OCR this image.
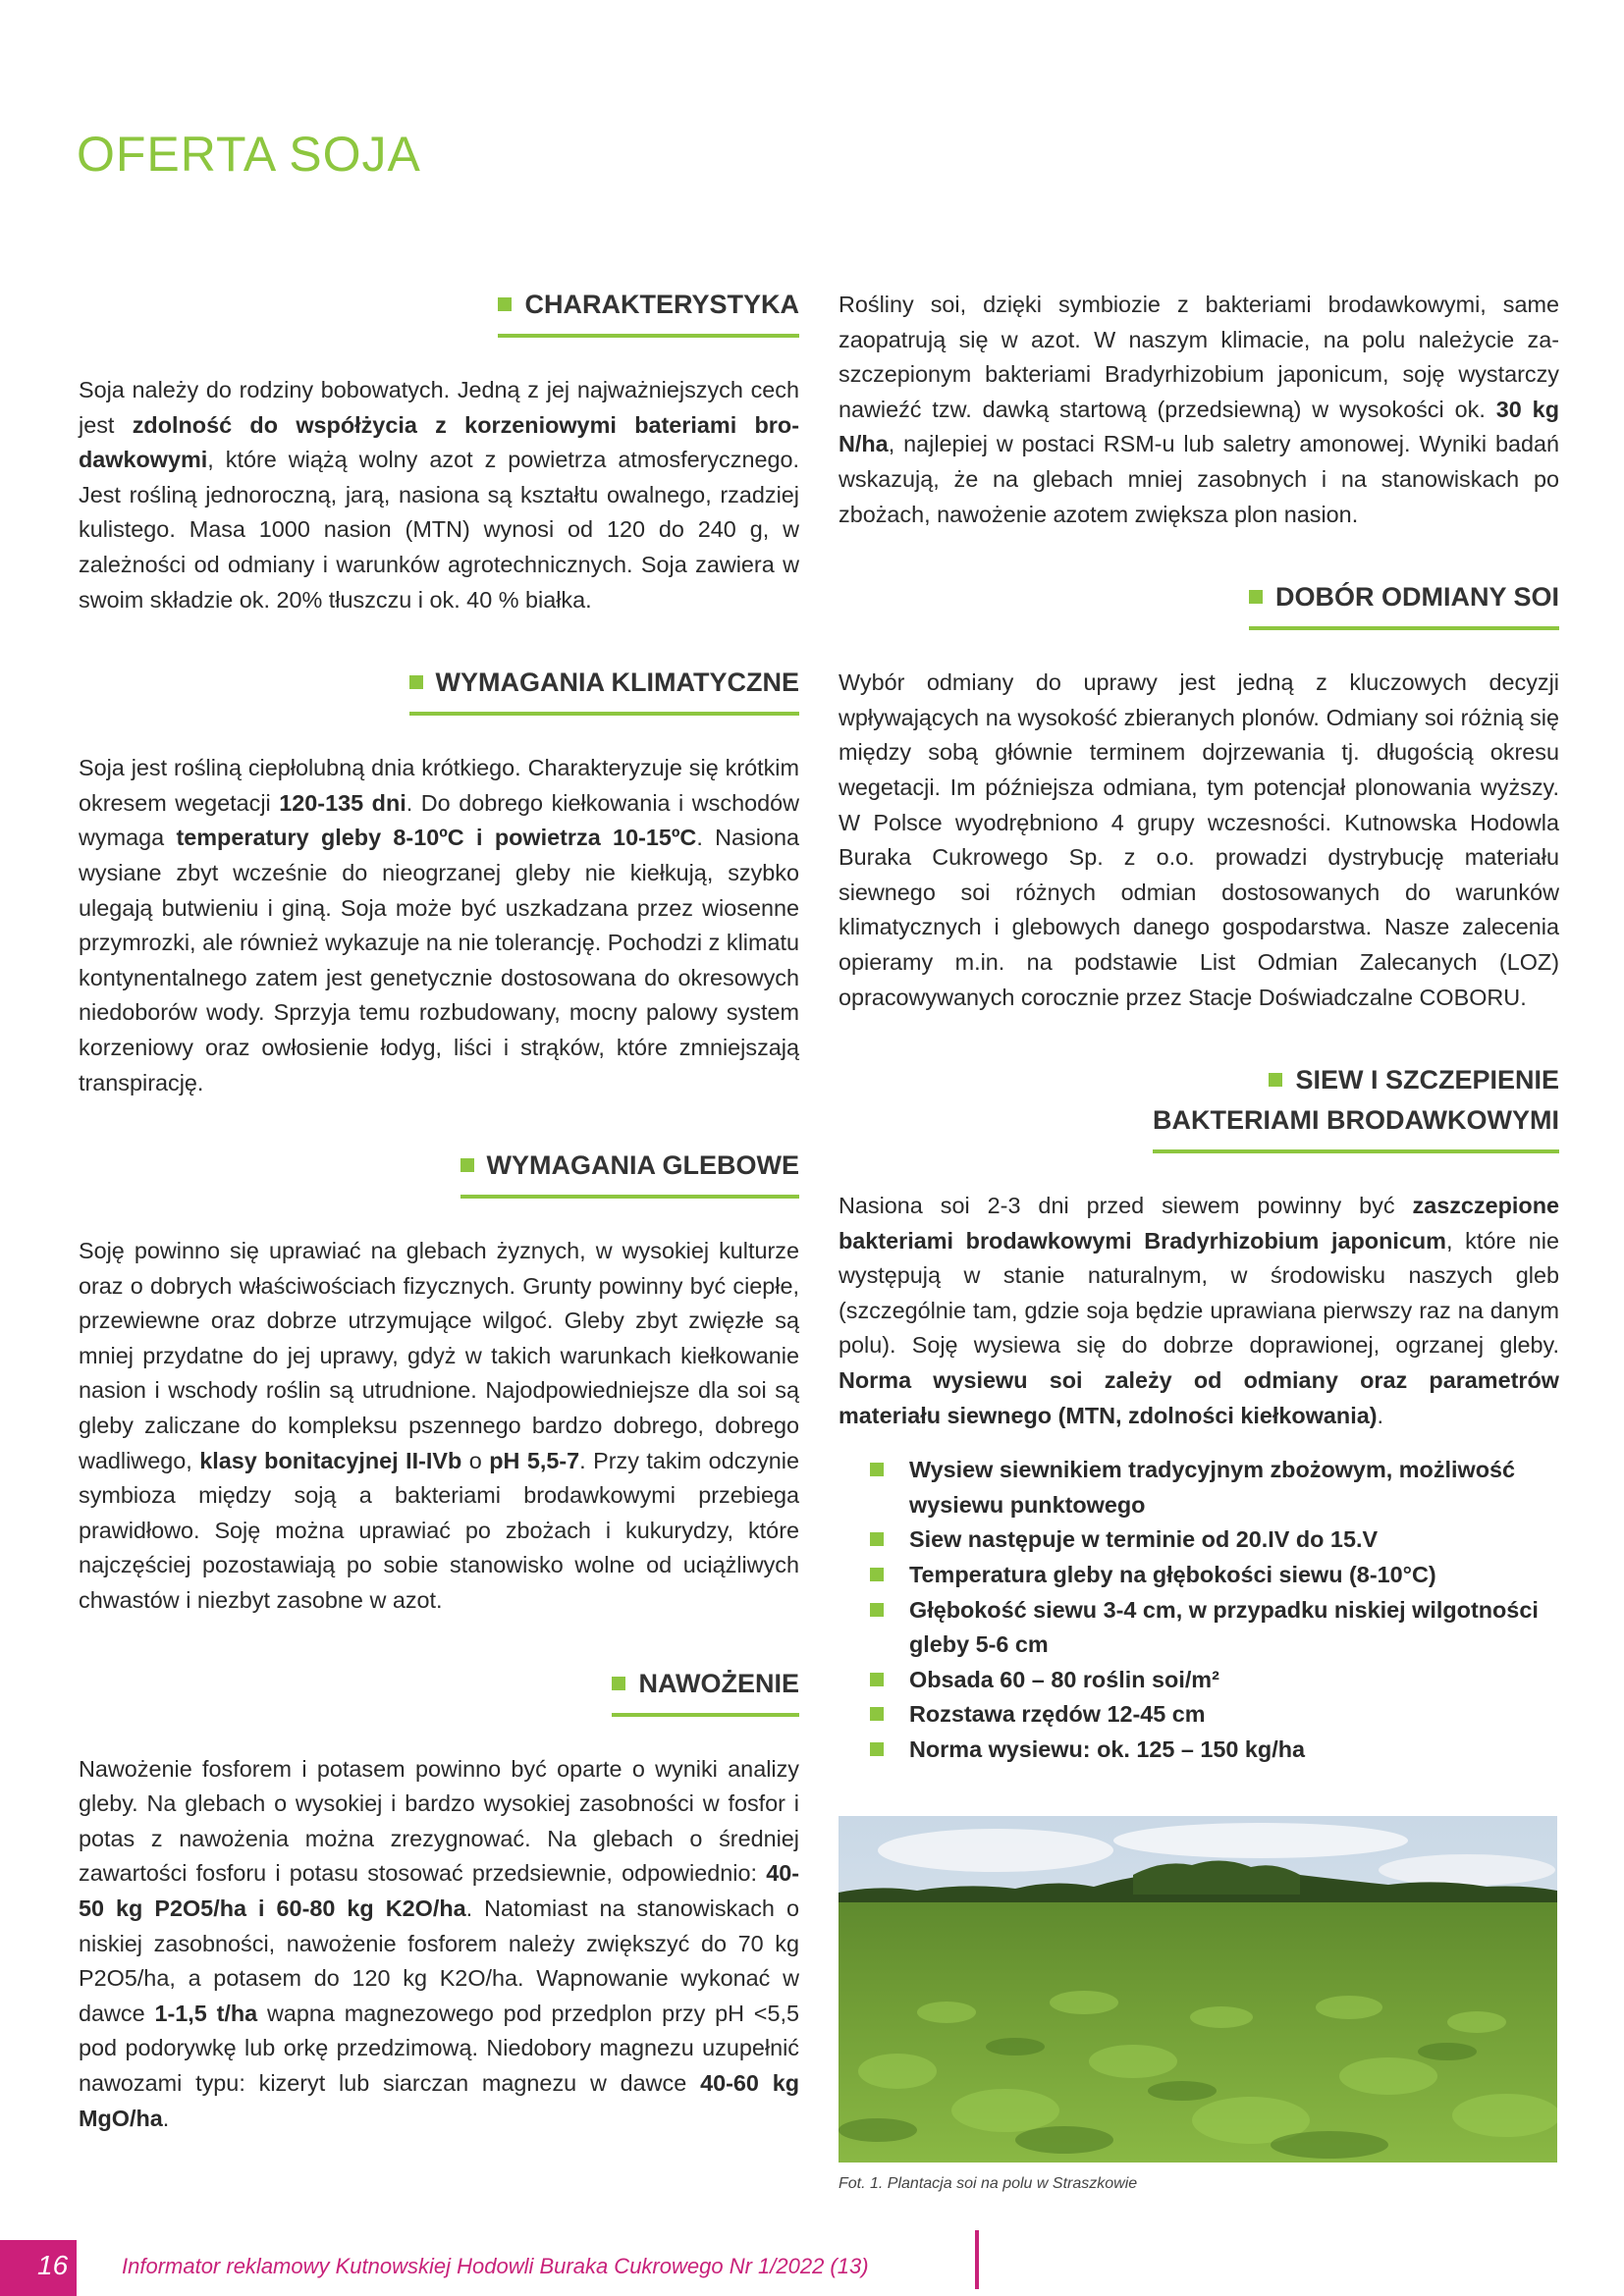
OFERTA SOJA
CHARAKTERYSTYKA

Soja należy do rodziny bobowatych. Jedną z jej najważniejszych cech jest zdolność do współżycia z korzeniowymi bateriami brodawkowymi, które wiążą wolny azot z powietrza atmosferycznego. Jest rośliną jednoroczną, jarą, nasiona są kształtu owalnego, rzadziej kulistego. Masa 1000 nasion (MTN) wynosi od 120 do 240 g, w zależności od odmiany i warunków agrotechnicznych. Soja zawiera w swoim składzie ok. 20% tłuszczu i ok. 40 % białka.

WYMAGANIA KLIMATYCZNE

Soja jest rośliną ciepłolubną dnia krótkiego. Charakteryzuje się krótkim okresem wegetacji 120-135 dni. Do dobrego kiełkowania i wschodów wymaga temperatury gleby 8-10ºC i powietrza 10-15ºC. Nasiona wysiane zbyt wcześnie do nieogrzanej gleby nie kiełkują, szybko ulegają butwieniu i giną. Soja może być uszkadzana przez wiosenne przymrozki, ale również wykazuje na nie tolerancję. Pochodzi z klimatu kontynentalnego zatem jest genetycznie dostosowana do okresowych niedoborów wody. Sprzyja temu rozbudowany, mocny palowy system korzeniowy oraz owłosienie łodyg, liści i strąków, które zmniejszają transpirację.

WYMAGANIA GLEBOWE

Soję powinno się uprawiać na glebach żyznych, w wysokiej kulturze oraz o dobrych właściwościach fizycznych. Grunty powinny być ciepłe, przewiewne oraz dobrze utrzymujące wilgoć. Gleby zbyt zwięzłe są mniej przydatne do jej uprawy, gdyż w takich warunkach kiełkowanie nasion i wschody roślin są utrudnione. Najodpowiedniejsze dla soi są gleby zaliczane do kompleksu pszennego bardzo dobrego, dobrego wadliwego, klasy bonitacyjnej II-IVb o pH 5,5-7. Przy takim odczynie symbioza między soją a bakteriami brodawkowymi przebiega prawidłowo. Soję można uprawiać po zbożach i kukurydzy, które najczęściej pozostawiają po sobie stanowisko wolne od uciążliwych chwastów i niezbyt zasobne w azot.

NAWOŻENIE

Nawożenie fosforem i potasem powinno być oparte o wyniki analizy gleby. Na glebach o wysokiej i bardzo wysokiej zasobności w fosfor i potas z nawożenia można zrezygnować. Na glebach o średniej zawartości fosforu i potasu stosować przedsiewnie, odpowiednio: 40-50 kg P2O5/ha i 60-80 kg K2O/ha. Natomiast na stanowiskach o niskiej zasobności, nawożenie fosforem należy zwiększyć do 70 kg P2O5/ha, a potasem do 120 kg K2O/ha. Wapnowanie wykonać w dawce 1-1,5 t/ha wapna magnezowego pod przedplon przy pH <5,5 pod podorywkę lub orkę przedzimową. Niedobory magnezu uzupełnić nawozami typu: kizeryt lub siarczan magnezu w dawce 40-60 kg MgO/ha.

Rośliny soi, dzięki symbiozie z bakteriami brodawkowymi, same zaopatrują się w azot. W naszym klimacie, na polu należycie zaszczepionym bakteriami Bradyrhizobium japonicum, soję wystarczy nawieźć tzw. dawką startową (przedsiewną) w wysokości ok. 30 kg N/ha, najlepiej w postaci RSM-u lub saletry amonowej. Wyniki badań wskazują, że na glebach mniej zasobnych i na stanowiskach po zbożach, nawożenie azotem zwiększa plon nasion.

DOBÓR ODMIANY SOI

Wybór odmiany do uprawy jest jedną z kluczowych decyzji wpływających na wysokość zbieranych plonów. Odmiany soi różnią się między sobą głównie terminem dojrzewania tj. długością okresu wegetacji. Im późniejsza odmiana, tym potencjał plonowania wyższy. W Polsce wyodrębniono 4 grupy wczesności. Kutnowska Hodowla Buraka Cukrowego Sp. z o.o. prowadzi dystrybucję materiału siewnego soi różnych odmian dostosowanych do warunków klimatycznych i glebowych danego gospodarstwa. Nasze zalecenia opieramy m.in. na podstawie List Odmian Zalecanych (LOZ) opracowywanych corocznie przez Stacje Doświadczalne COBORU.

SIEW I SZCZEPIENIE
BAKTERIAMI BRODAWKOWYMI

Nasiona soi 2-3 dni przed siewem powinny być zaszczepione bakteriami brodawkowymi Bradyrhizobium japonicum, które nie występują w stanie naturalnym, w środowisku naszych gleb (szczególnie tam, gdzie soja będzie uprawiana pierwszy raz na danym polu). Soję wysiewa się do dobrze doprawionej, ogrzanej gleby. Norma wysiewu soi zależy od odmiany oraz parametrów materiału siewnego (MTN, zdolności kiełkowania).

Wysiew siewnikiem tradycyjnym zbożowym, możliwość wysiewu punktowego
Siew następuje w terminie od 20.IV do 15.V
Temperatura gleby na głębokości siewu (8-10°C)
Głębokość siewu 3-4 cm, w przypadku niskiej wilgotności gleby 5-6 cm
Obsada 60 – 80 roślin soi/m²
Rozstawa rzędów 12-45 cm
Norma wysiewu: ok. 125 – 150 kg/ha
Fot. 1. Plantacja soi na polu w Straszkowie
16 Informator reklamowy Kutnowskiej Hodowli Buraka Cukrowego Nr 1/2022 (13)
